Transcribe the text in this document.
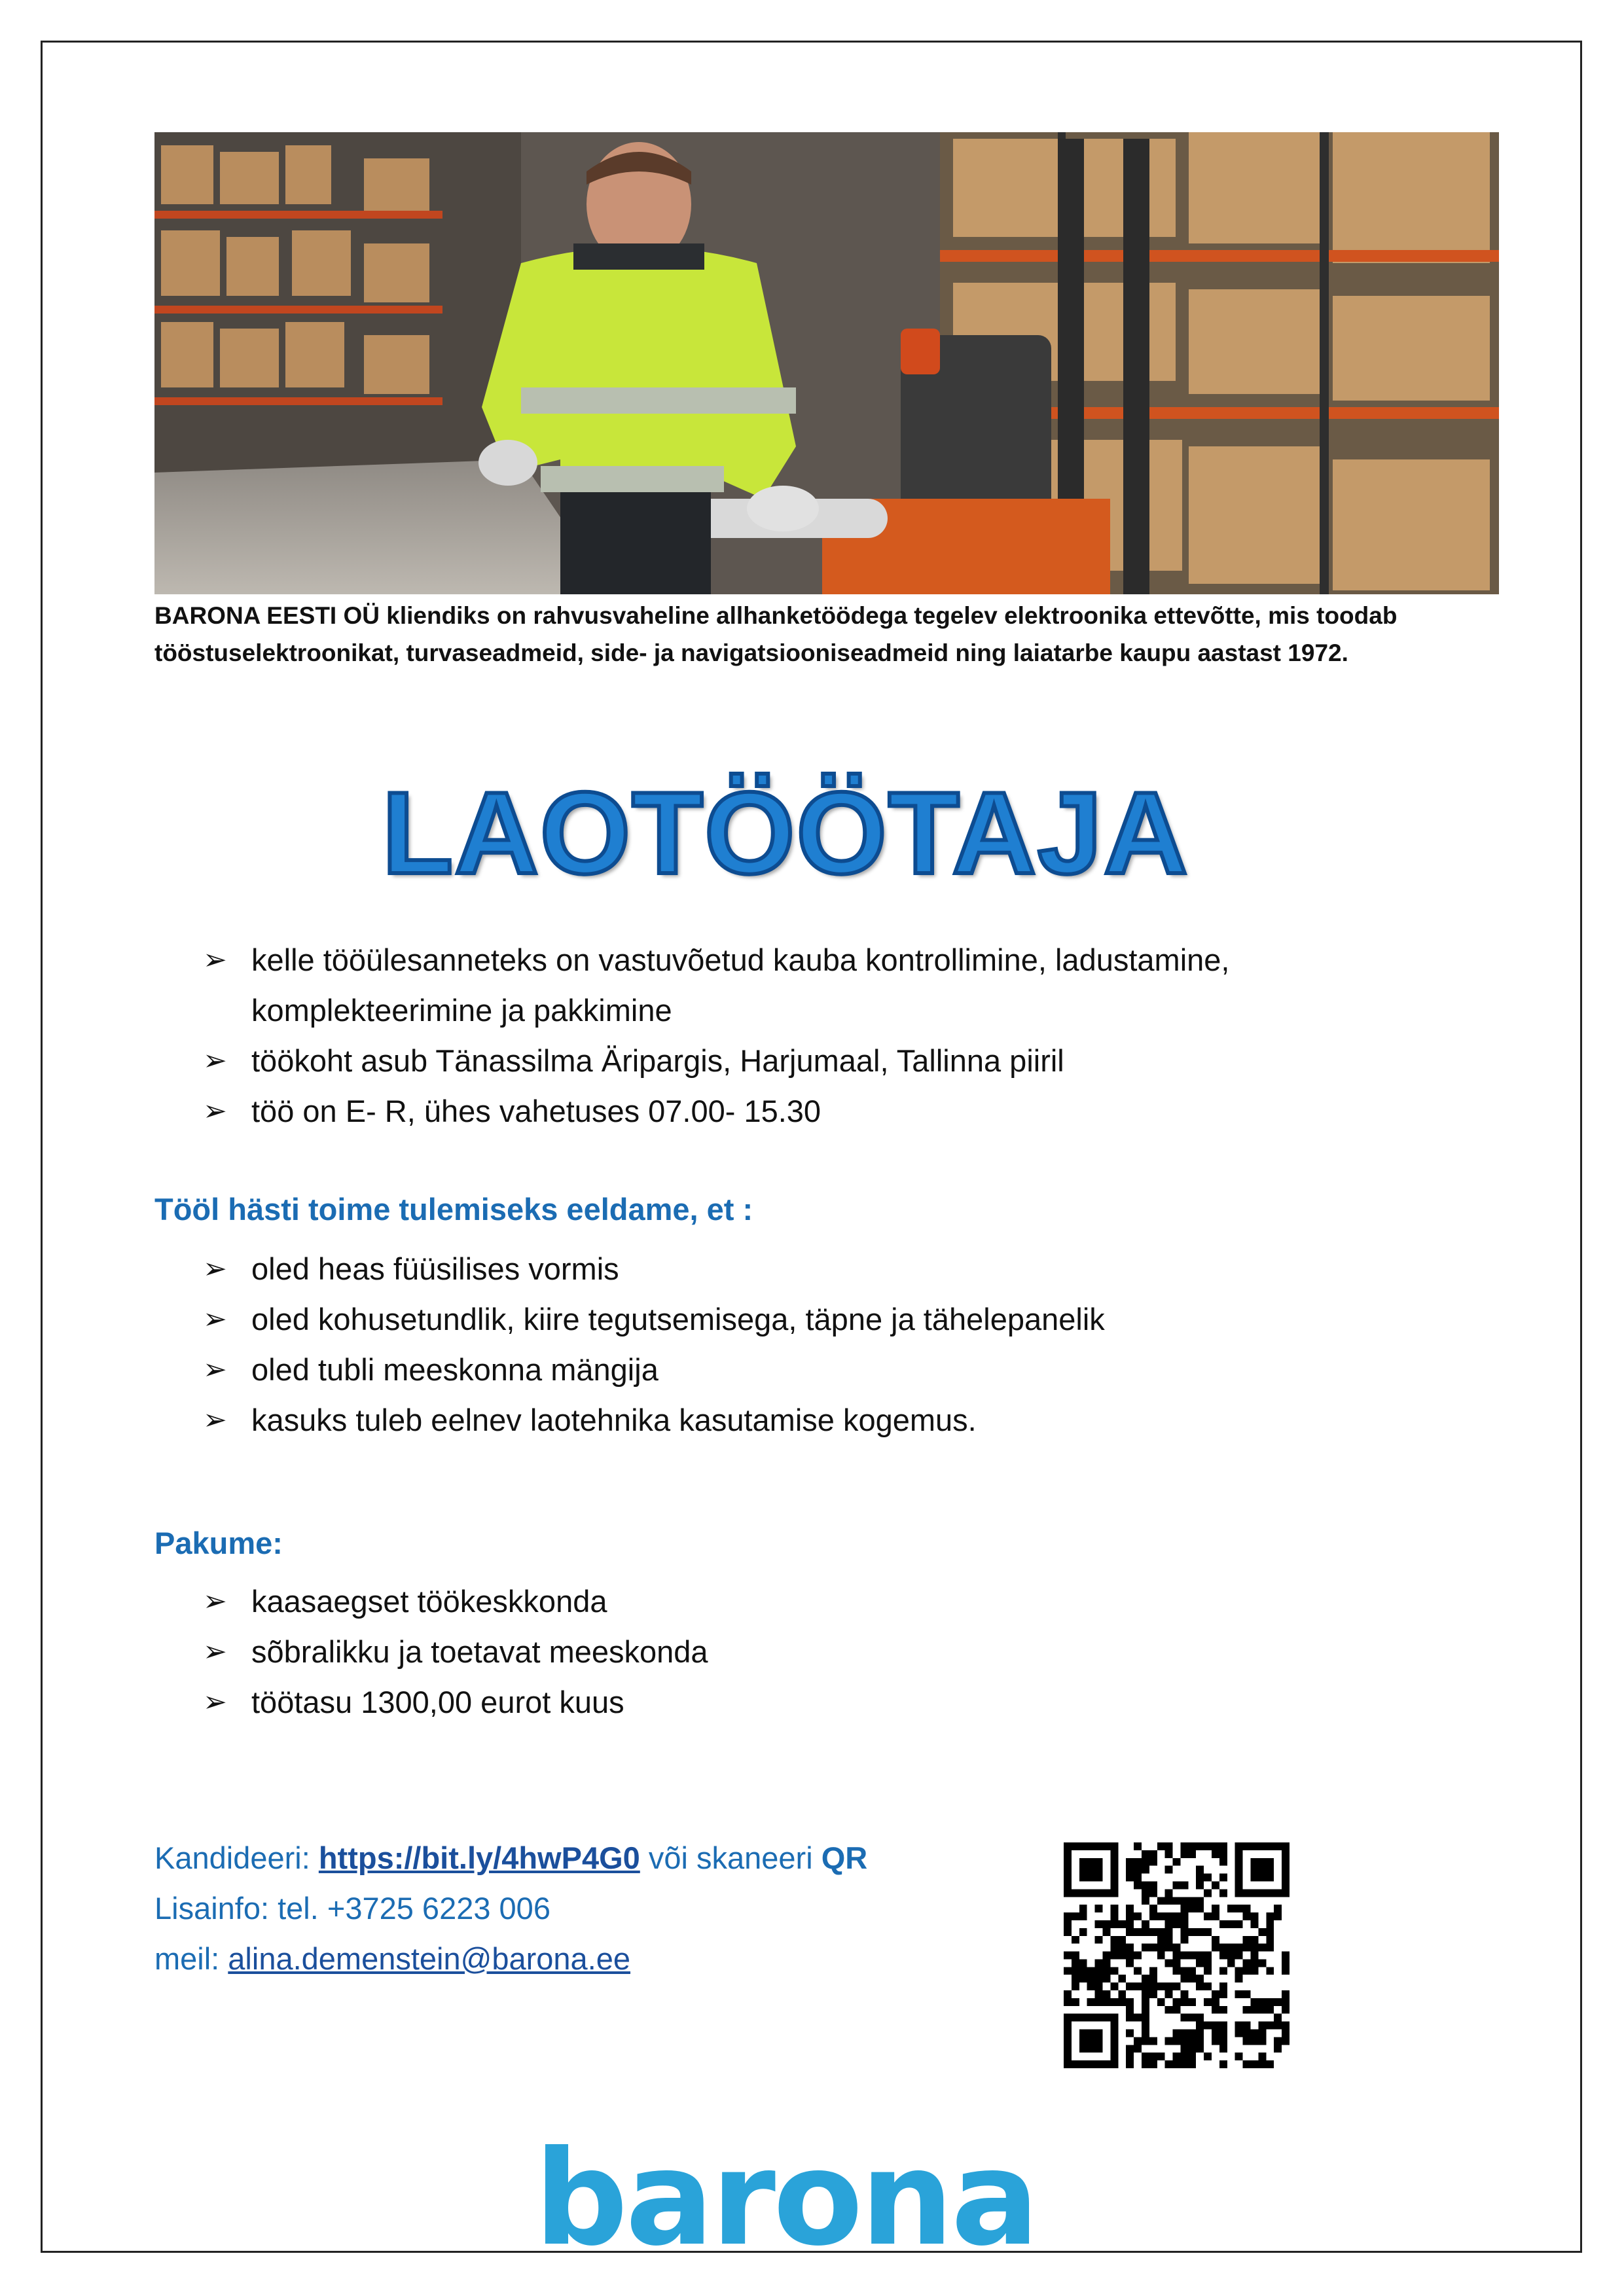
BARONA EESTI OÜ kliendiks on rahvusvaheline allhanketöödega tegelev elektroonika ettevõtte, mis toodab tööstuselektroonikat, turvaseadmeid, side- ja navigatsiooniseadmeid ning laiatarbe kaupu aastast 1972.
LAOTÖÖTAJA
➢ kelle tööülesanneteks on vastuvõetud kauba kontrollimine, ladustamine, komplekteerimine ja pakkimine
➢ töökoht asub Tänassilma Äripargis, Harjumaal, Tallinna piiril
➢ töö on E- R, ühes vahetuses 07.00- 15.30
Tööl hästi toime tulemiseks eeldame, et :
➢ oled heas füüsilises vormis
➢ oled kohusetundlik, kiire tegutsemisega, täpne ja tähelepanelik
➢ oled tubli meeskonna mängija
➢ kasuks tuleb eelnev laotehnika kasutamise kogemus.
Pakume:
➢ kaasaegset töökeskkonda
➢ sõbralikku ja toetavat meeskonda
➢ töötasu 1300,00 eurot kuus
Kandideeri: https://bit.ly/4hwP4G0 või skaneeri QR
Lisainfo: tel. +3725 6223 006
meil: alina.demenstein@barona.ee
barona
